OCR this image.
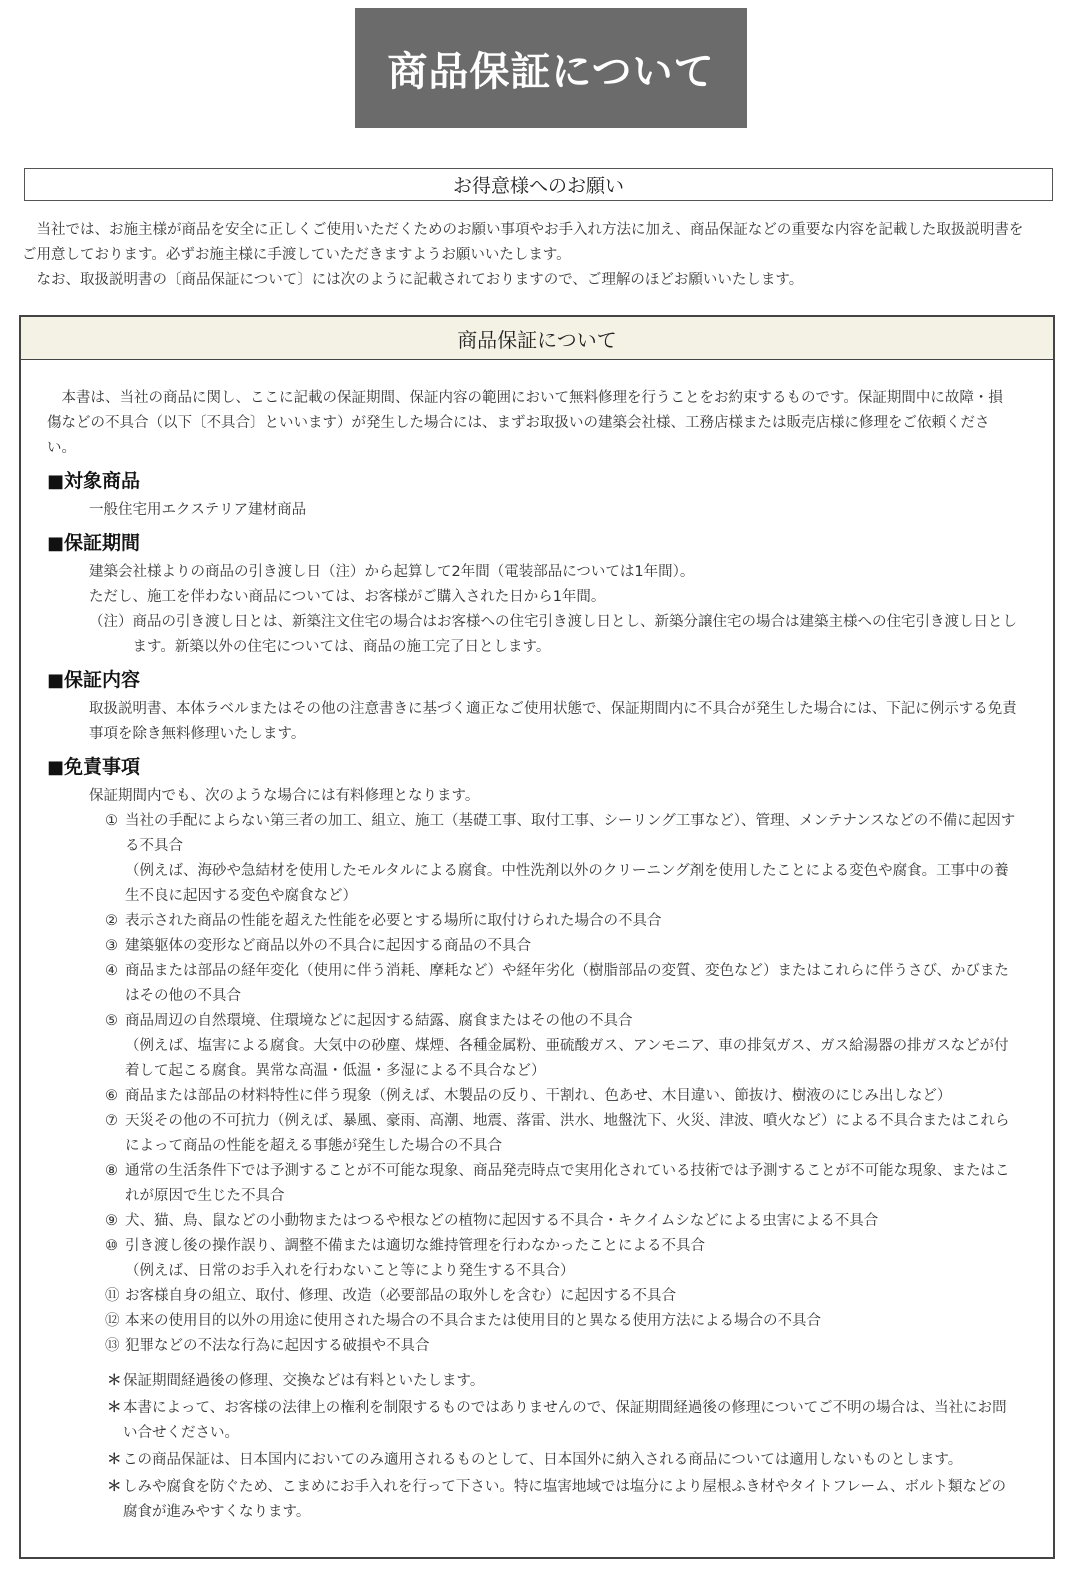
商品保証について
お得意様へのお願い

当社では、お施主様が商品を安全に正しくご使用いただくためのお願い事項やお手入れ方法に加え、商品保証などの重要な内容を記載した取扱説明書をご用意しております。必ずお施主様に手渡していただきますようお願いいたします。

なお、取扱説明書の〔商品保証について〕には次のように記載されておりますので、ご理解のほどお願いいたします。

商品保証について

本書は、当社の商品に関し、ここに記載の保証期間、保証内容の範囲において無料修理を行うことをお約束するものです。保証期間中に故障・損傷などの不具合（以下〔不具合〕といいます）が発生した場合には、まずお取扱いの建築会社様、工務店様または販売店様に修理をご依頼ください。

■対象商品

一般住宅用エクステリア建材商品

■保証期間

建築会社様よりの商品の引き渡し日（注）から起算して2年間（電装部品については1年間）。

ただし、施工を伴わない商品については、お客様がご購入された日から1年間。

（注） 商品の引き渡し日とは、新築注文住宅の場合はお客様への住宅引き渡し日とし、新築分譲住宅の場合は建築主様への住宅引き渡し日とします。新築以外の住宅については、商品の施工完了日とします。
■保証内容

取扱説明書、本体ラベルまたはその他の注意書きに基づく適正なご使用状態で、保証期間内に不具合が発生した場合には、下記に例示する免責事項を除き無料修理いたします。

■免責事項

保証期間内でも、次のような場合には有料修理となります。

① 当社の手配によらない第三者の加工、組立、施工（基礎工事、取付工事、シーリング工事など）、管理、メンテナンスなどの不備に起因する不具合
（例えば、海砂や急結材を使用したモルタルによる腐食。中性洗剤以外のクリーニング剤を使用したことによる変色や腐食。工事中の養生不良に起因する変色や腐食など）
② 表示された商品の性能を超えた性能を必要とする場所に取付けられた場合の不具合
③ 建築躯体の変形など商品以外の不具合に起因する商品の不具合
④ 商品または部品の経年変化（使用に伴う消耗、摩耗など）や経年劣化（樹脂部品の変質、変色など）またはこれらに伴うさび、かびまたはその他の不具合
⑤ 商品周辺の自然環境、住環境などに起因する結露、腐食またはその他の不具合
（例えば、塩害による腐食。大気中の砂塵、煤煙、各種金属粉、亜硫酸ガス、アンモニア、車の排気ガス、ガス給湯器の排ガスなどが付着して起こる腐食。異常な高温・低温・多湿による不具合など）
⑥ 商品または部品の材料特性に伴う現象（例えば、木製品の反り、干割れ、色あせ、木目違い、節抜け、樹液のにじみ出しなど）
⑦ 天災その他の不可抗力（例えば、暴風、豪雨、高潮、地震、落雷、洪水、地盤沈下、火災、津波、噴火など）による不具合またはこれらによって商品の性能を超える事態が発生した場合の不具合
⑧ 通常の生活条件下では予測することが不可能な現象、商品発売時点で実用化されている技術では予測することが不可能な現象、またはこれが原因で生じた不具合
⑨ 犬、猫、鳥、鼠などの小動物またはつるや根などの植物に起因する不具合・キクイムシなどによる虫害による不具合
⑩ 引き渡し後の操作誤り、調整不備または適切な維持管理を行わなかったことによる不具合
（例えば、日常のお手入れを行わないこと等により発生する不具合）
⑪ お客様自身の組立、取付、修理、改造（必要部品の取外しを含む）に起因する不具合
⑫ 本来の使用目的以外の用途に使用された場合の不具合または使用目的と異なる使用方法による場合の不具合
⑬ 犯罪などの不法な行為に起因する破損や不具合
＊ 保証期間経過後の修理、交換などは有料といたします。
＊ 本書によって、お客様の法律上の権利を制限するものではありませんので、保証期間経過後の修理についてご不明の場合は、当社にお問い合せください。
＊ この商品保証は、日本国内においてのみ適用されるものとして、日本国外に納入される商品については適用しないものとします。
＊ しみや腐食を防ぐため、こまめにお手入れを行って下さい。特に塩害地域では塩分により屋根ふき材やタイトフレーム、ボルト類などの腐食が進みやすくなります。
